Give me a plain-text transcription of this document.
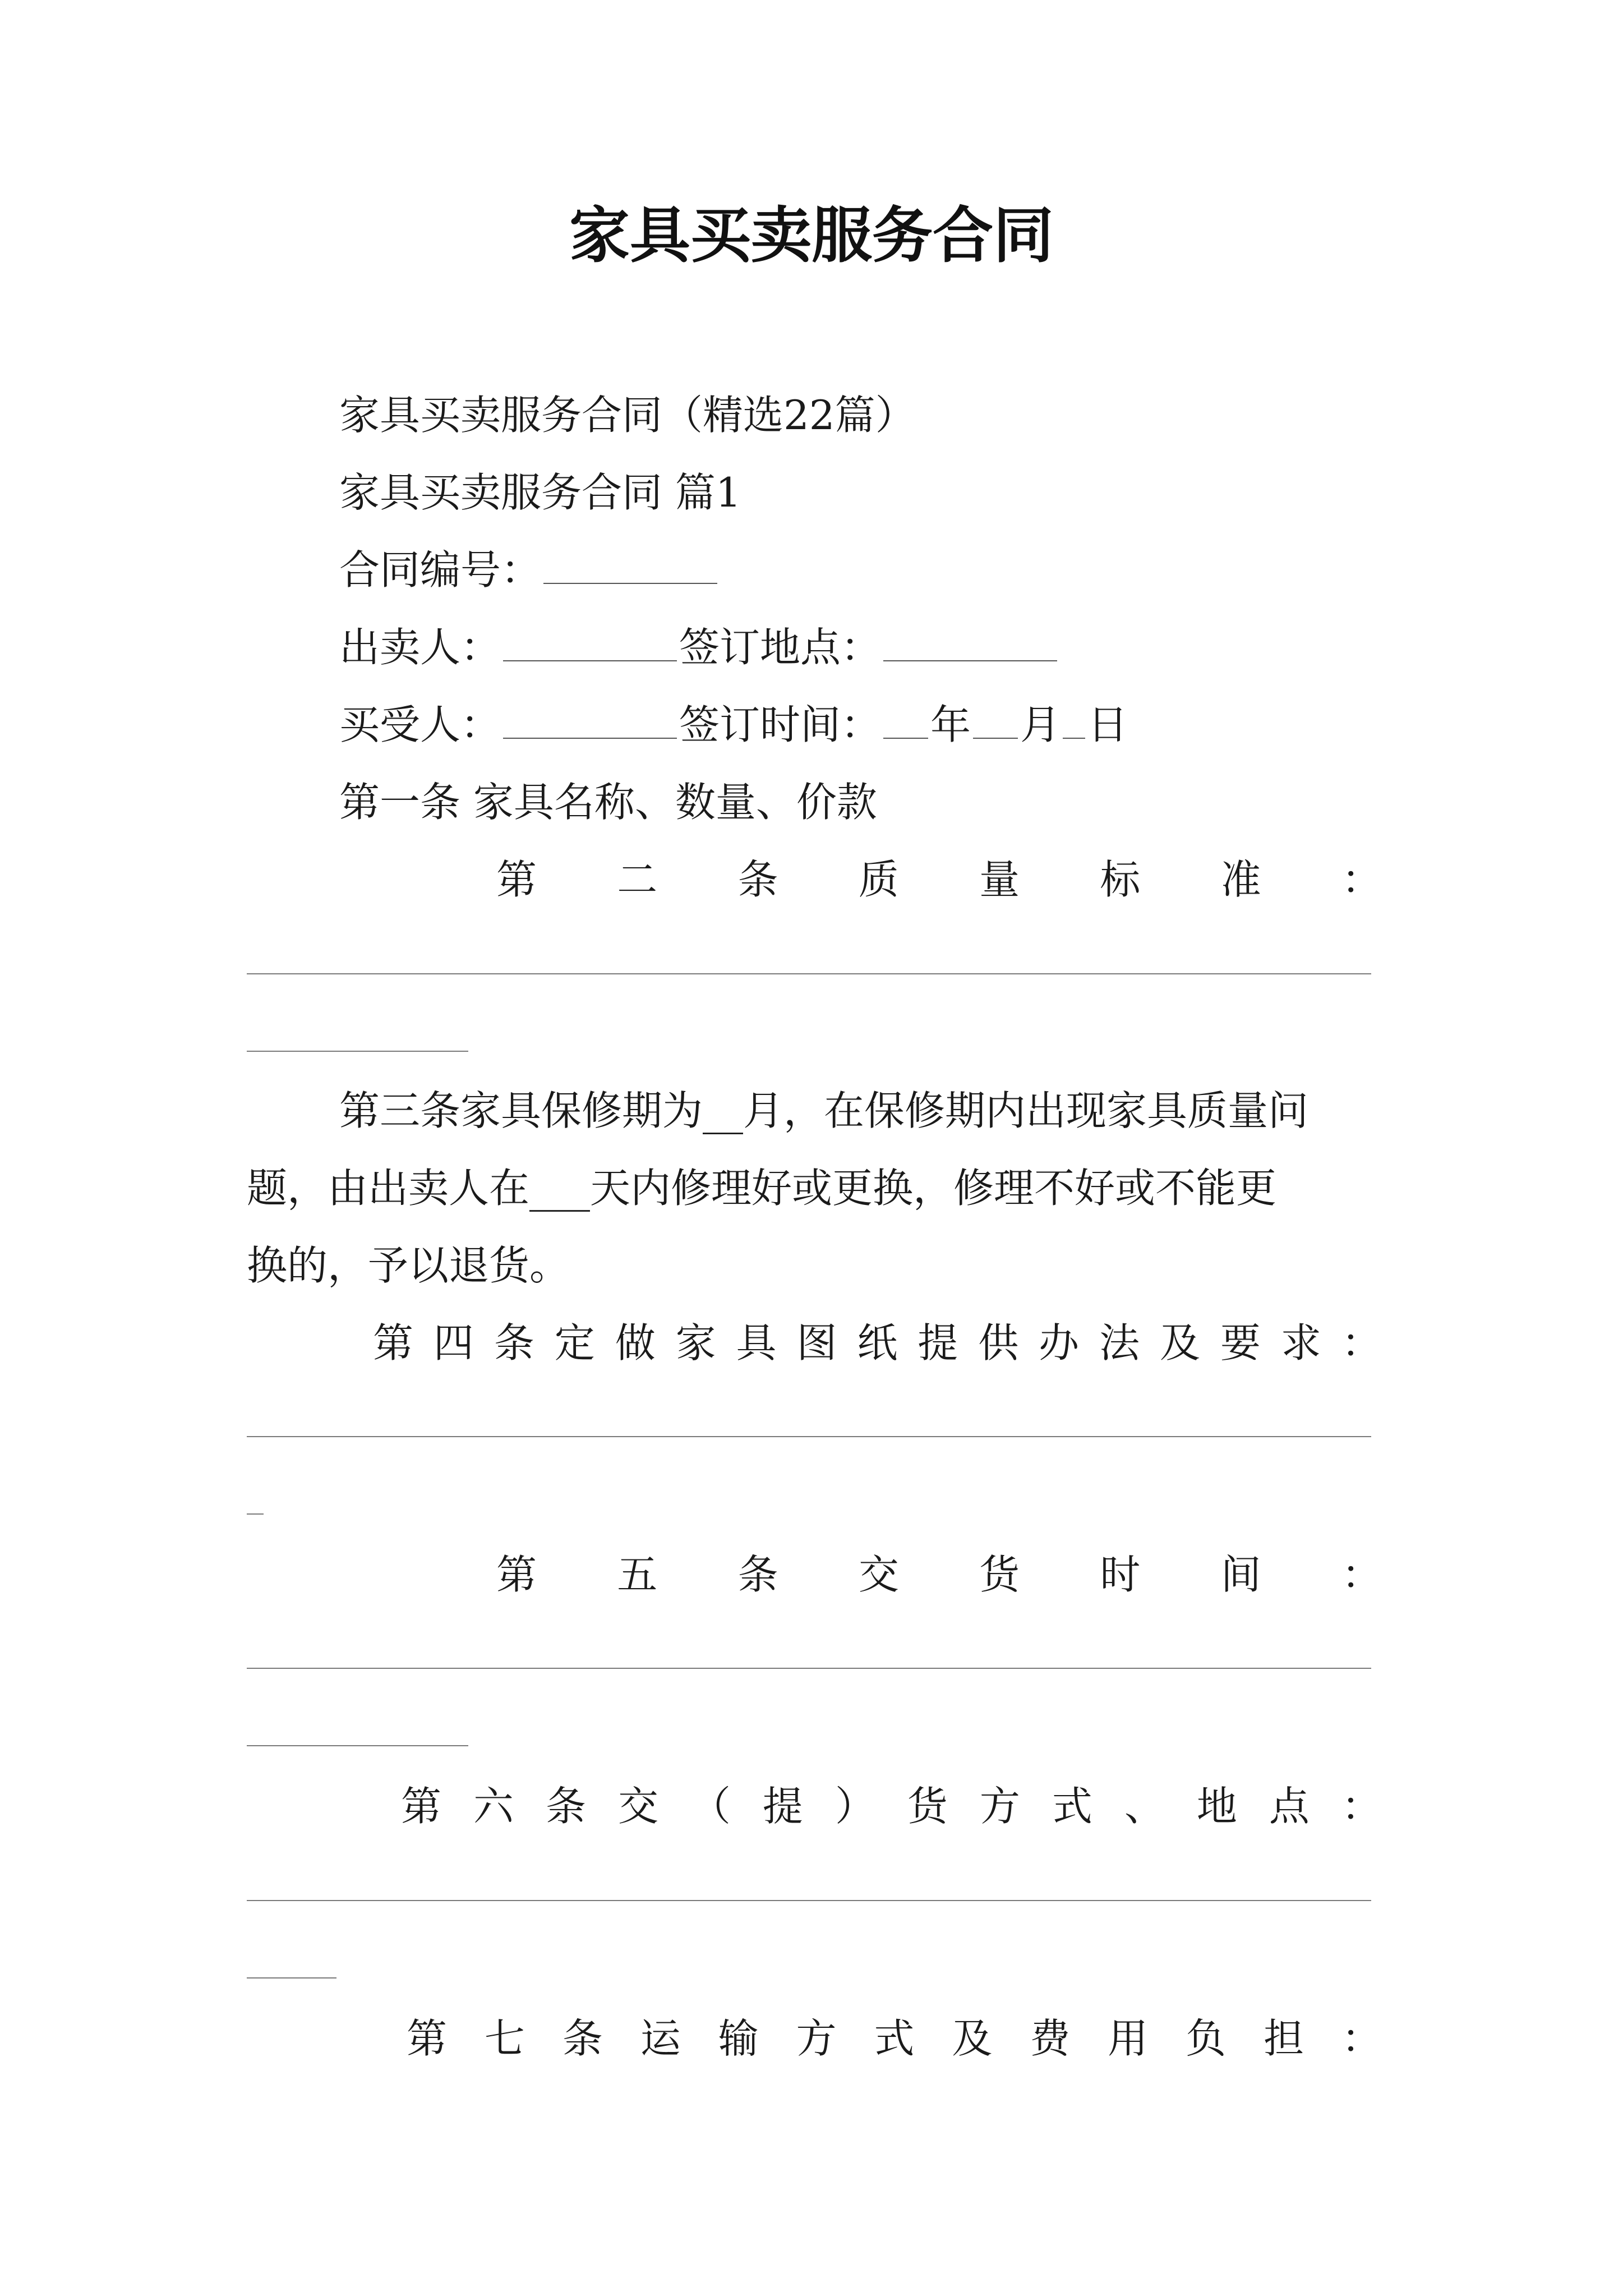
家具买卖服务合同
家具买卖服务合同（精选22篇）
家具买卖服务合同 篇1
合同编号：
出卖人：	签订地点：
买受人：	签订时间： 年 月 日
第一条 家具名称、数量、价款
第 二 条 质 量 标 准 ：
第三条家具保修期为__月，在保修期内出现家具质量问
题，由出卖人在___天内修理好或更换，修理不好或不能更
换的，予以退货。
第 四 条 定 做 家 具 图 纸 提 供 办 法 及 要 求 ：
第 五 条 交 货 时 间 ：
第 六 条 交 （ 提 ） 货 方 式 、 地 点 ：
第 七 条 运 输 方 式 及 费 用 负 担 ：
